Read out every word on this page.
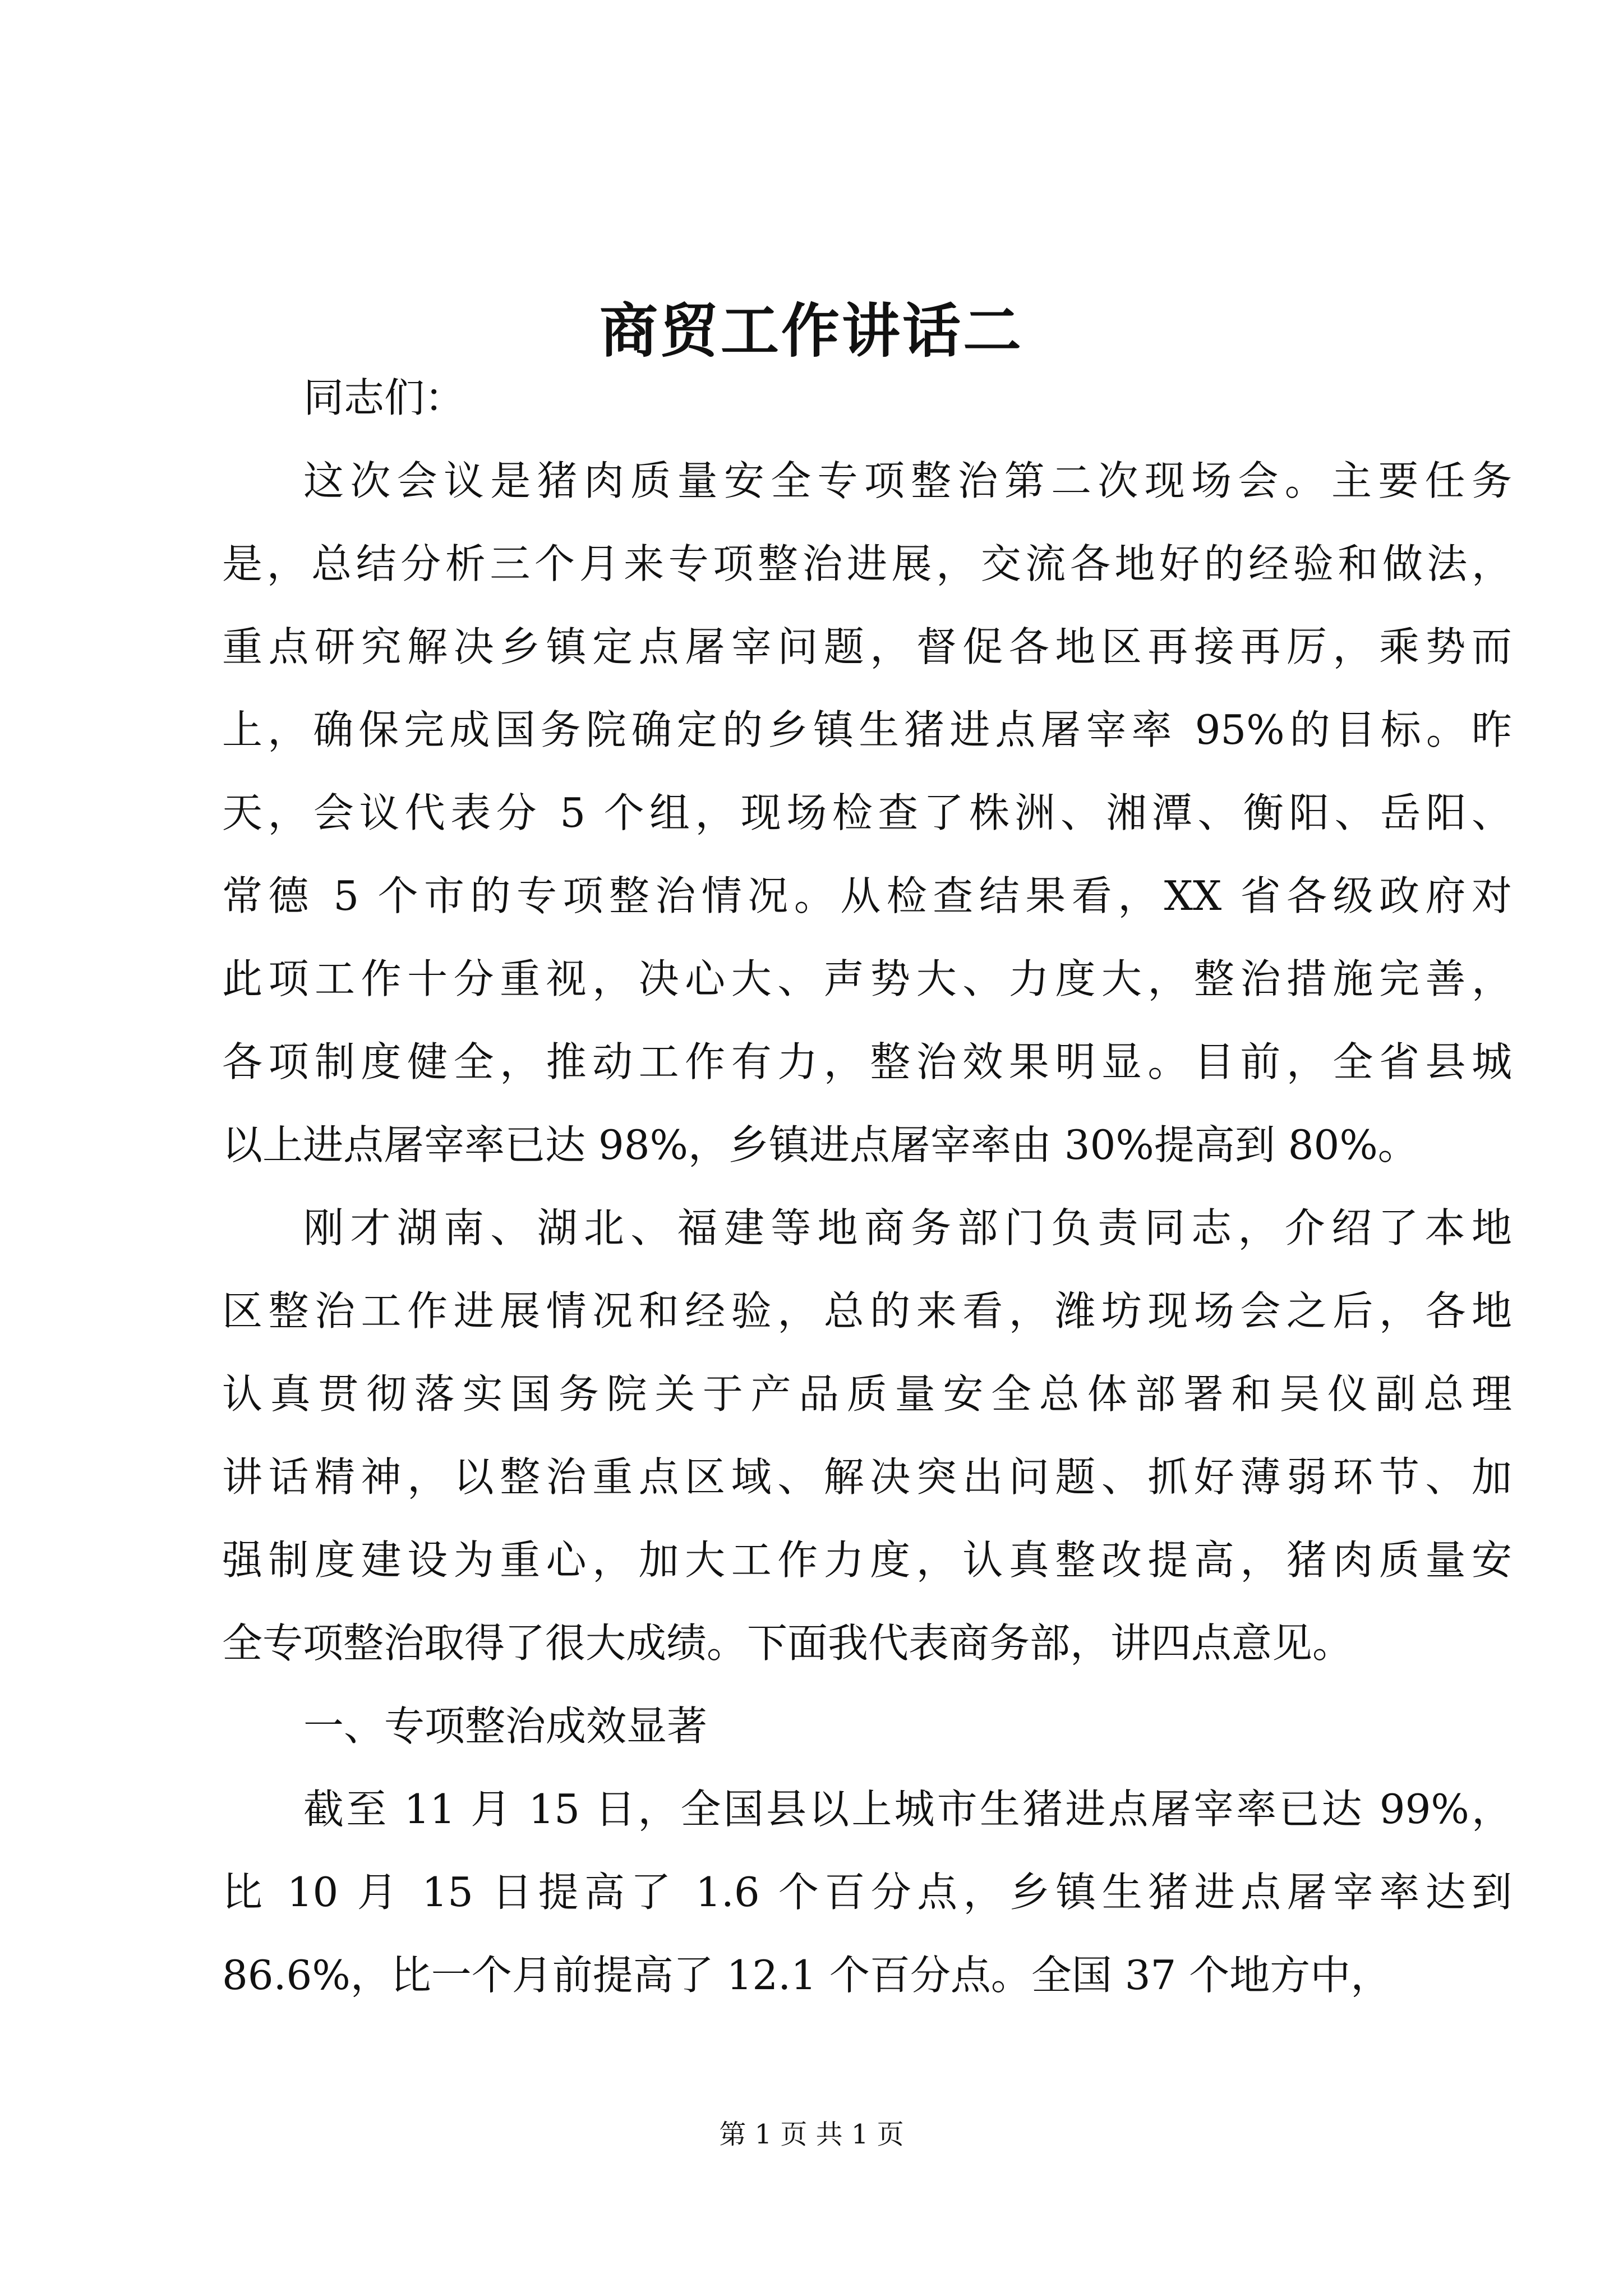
商贸工作讲话二
同志们：
这次会议是猪肉质量安全专项整治第二次现场会。主要任务
是，总结分析三个月来专项整治进展，交流各地好的经验和做法，
重点研究解决乡镇定点屠宰问题，督促各地区再接再厉，乘势而
上，确保完成国务院确定的乡镇生猪进点屠宰率 95%的目标。昨
天，会议代表分 5 个组，现场检查了株洲、湘潭、衡阳、岳阳、
常德 5 个市的专项整治情况。从检查结果看，XX 省各级政府对
此项工作十分重视，决心大、声势大、力度大，整治措施完善，
各项制度健全，推动工作有力，整治效果明显。目前，全省县城
以上进点屠宰率已达 98%，乡镇进点屠宰率由 30%提高到 80%。
刚才湖南、湖北、福建等地商务部门负责同志，介绍了本地
区整治工作进展情况和经验，总的来看，潍坊现场会之后，各地
认真贯彻落实国务院关于产品质量安全总体部署和吴仪副总理
讲话精神，以整治重点区域、解决突出问题、抓好薄弱环节、加
强制度建设为重心，加大工作力度，认真整改提高，猪肉质量安
全专项整治取得了很大成绩。下面我代表商务部，讲四点意见。
一、专项整治成效显著
截至 11 月 15 日，全国县以上城市生猪进点屠宰率已达 99%，
比 10 月 15 日提高了 1.6 个百分点，乡镇生猪进点屠宰率达到
86.6%，比一个月前提高了 12.1 个百分点。全国 37 个地方中，
第 1 页 共 1 页
